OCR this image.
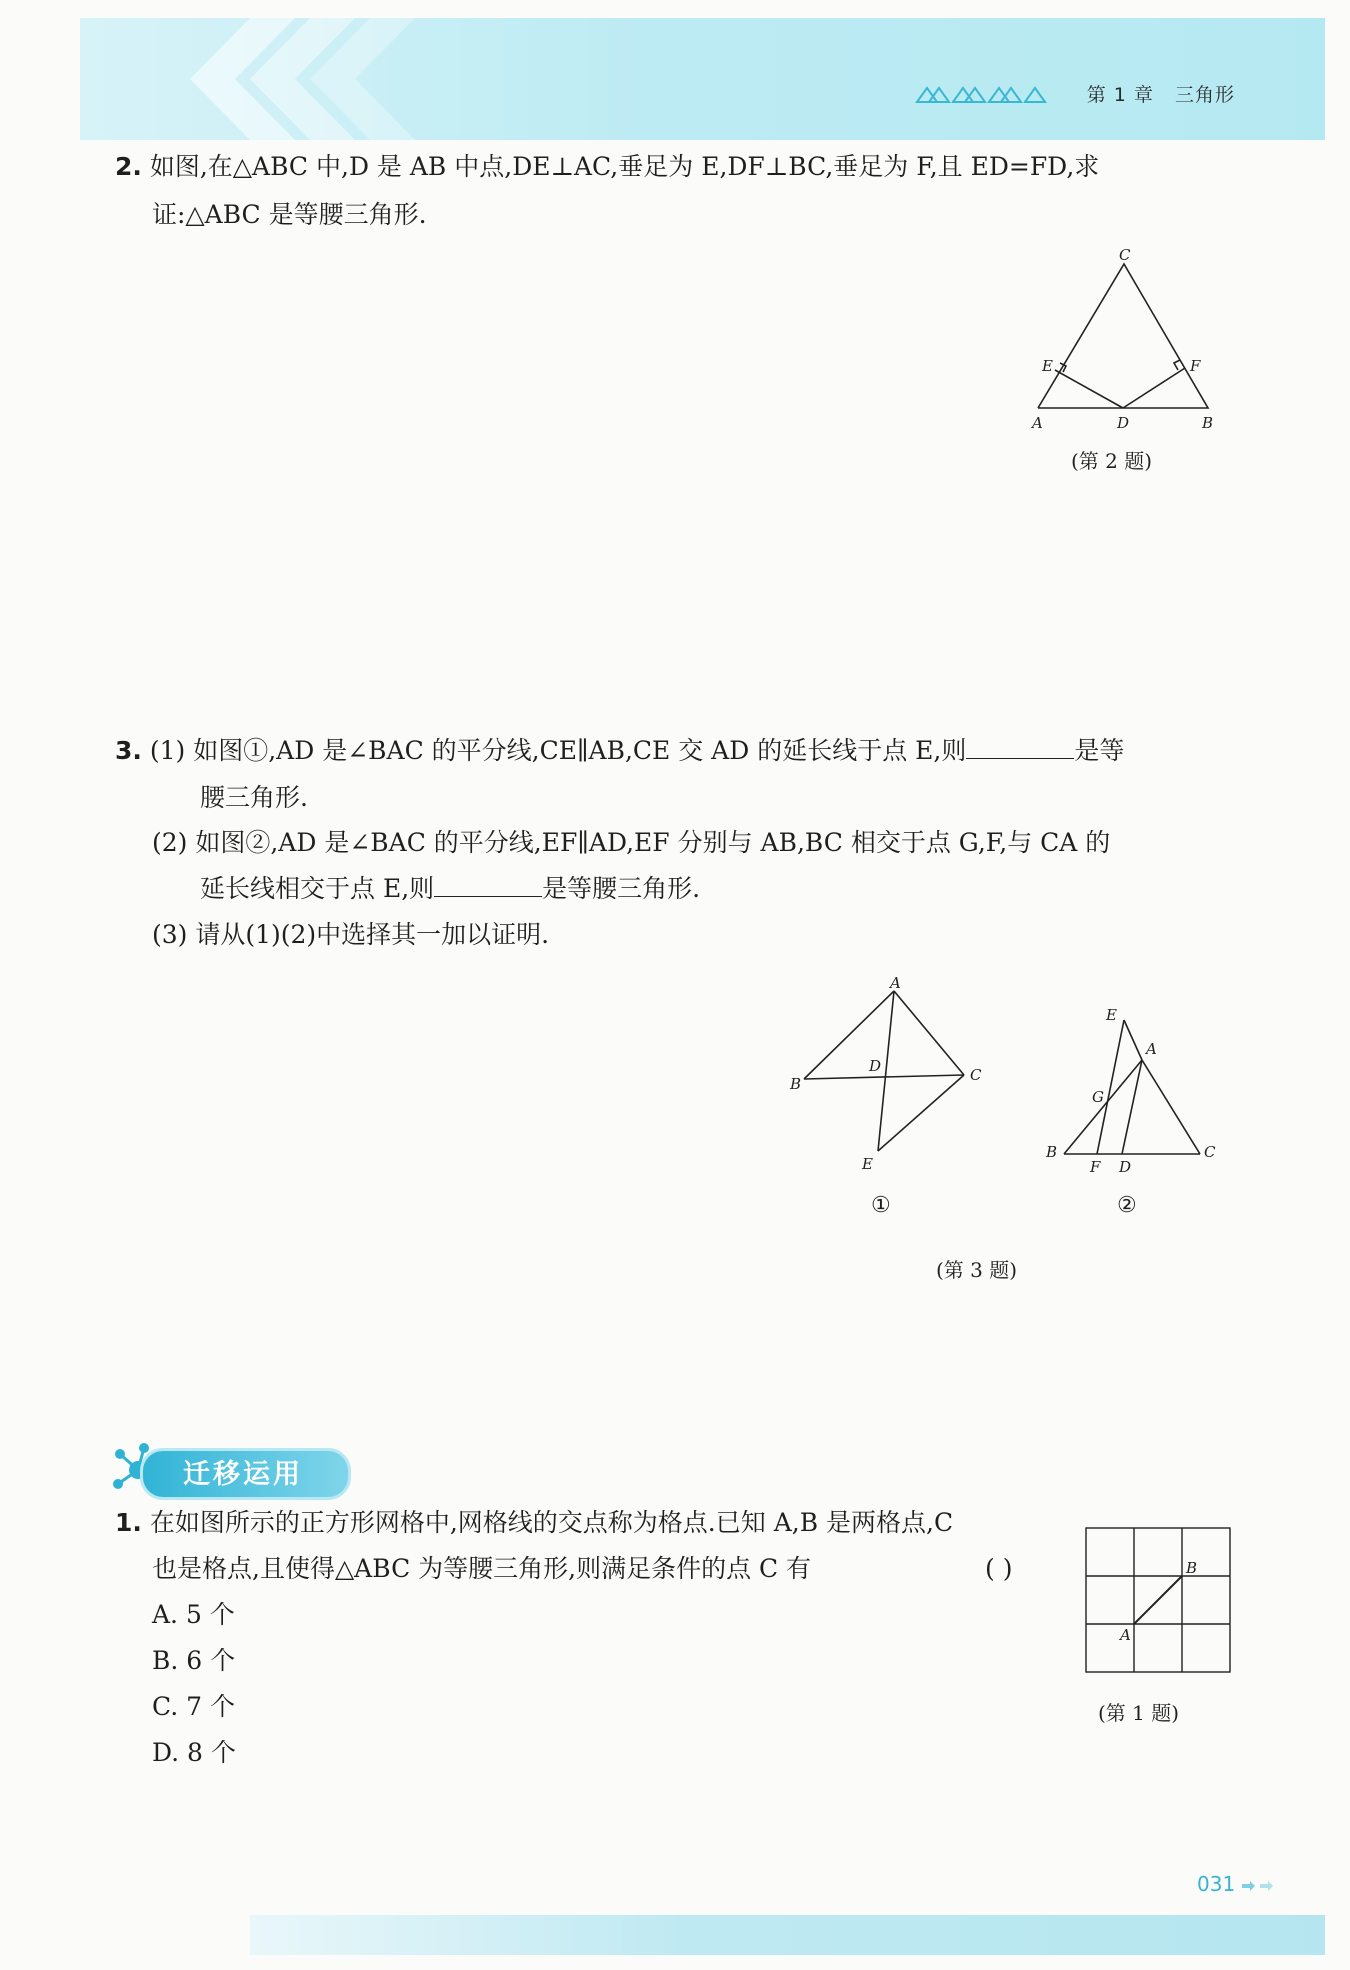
第 1 章 三角形
2. 如图,在△ABC 中,D 是 AB 中点,DE⊥AC,垂足为 E,DF⊥BC,垂足为 F,且 ED=FD,求
证:△ABC 是等腰三角形.
C
E	F
A	D	B
(第 2 题)
3. (1) 如图①,AD 是∠BAC 的平分线,CE∥AB,CE 交 AD 的延长线于点 E,则	是等
腰三角形.
(2) 如图②,AD 是∠BAC 的平分线,EF∥AD,EF 分别与 AB,BC 相交于点 G,F,与 CA 的
延长线相交于点 E,则	是等腰三角形.
(3) 请从(1)(2)中选择其一加以证明.
A
B	C
D
E
①
E
A
G
B
F D
C
②
(第 3 题)
迁移运用
1. 在如图所示的正方形网格中,网格线的交点称为格点.已知 A,B 是两格点,C
也是格点,且使得△ABC 为等腰三角形,则满足条件的点 C 有	( )
A. 5 个
B. 6 个
C. 7 个
D. 8 个
B
A
(第 1 题)
031
